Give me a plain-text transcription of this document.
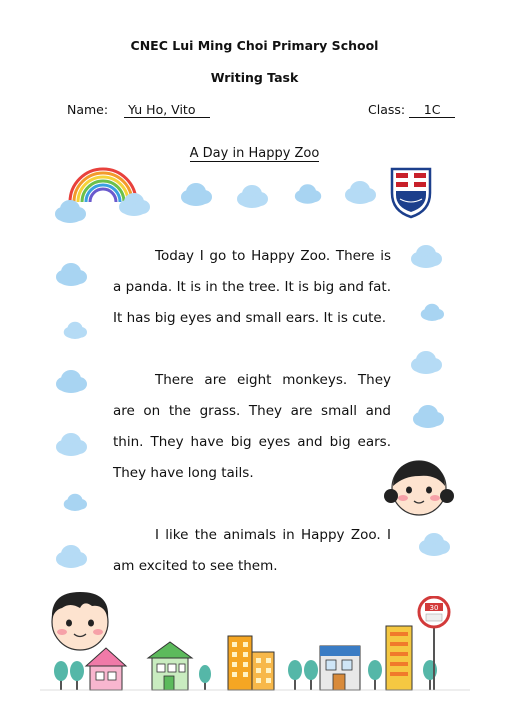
CNEC Lui Ming Choi Primary School
Writing Task
Name: Yu Ho, Vito	Class: 1C
A Day in Happy Zoo
Today I go to Happy Zoo. There is a panda. It is in the tree. It is big and fat. It has big eyes and small ears. It is cute.
There are eight monkeys. They are on the grass. They are small and thin. They have big eyes and big ears. They have long tails.
I like the animals in Happy Zoo. I am excited to see them.
30
